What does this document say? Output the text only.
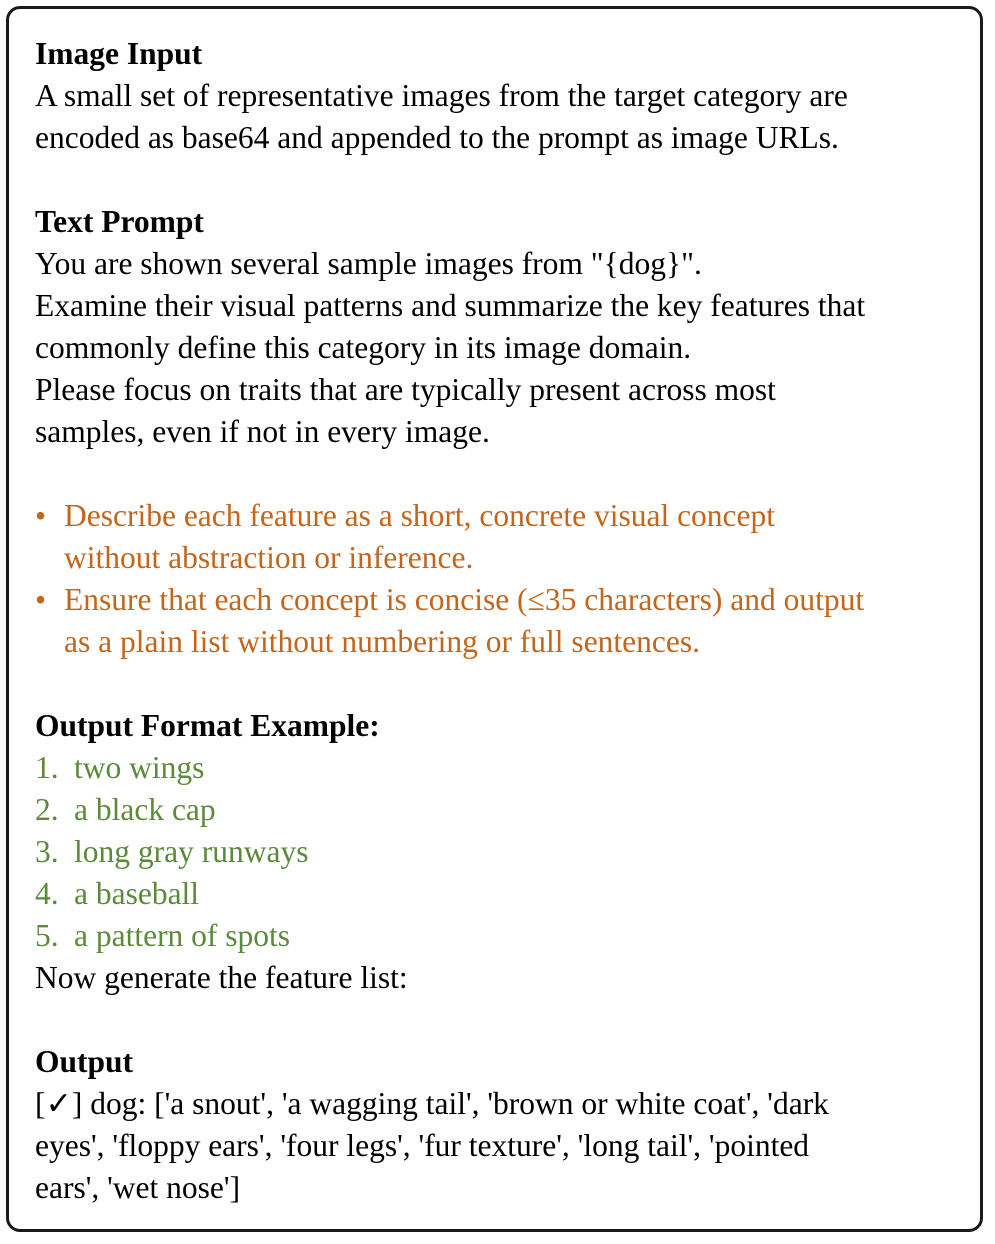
Image Input

A small set of representative images from the target category are

encoded as base64 and appended to the prompt as image URLs.

Text Prompt

You are shown several sample images from "{dog}".

Examine their visual patterns and summarize the key features that

commonly define this category in its image domain.

Please focus on traits that are typically present across most

samples, even if not in every image.

• Describe each feature as a short, concrete visual concept
without abstraction or inference.
• Ensure that each concept is concise (≤35 characters) and output
as a plain list without numbering or full sentences.

Output Format Example:

1. two wings
2. a black cap
3. long gray runways
4. a baseball
5. a pattern of spots

Now generate the feature list:

Output

[✓] dog: ['a snout', 'a wagging tail', 'brown or white coat', 'dark

eyes', 'floppy ears', 'four legs', 'fur texture', 'long tail', 'pointed

ears', 'wet nose']
